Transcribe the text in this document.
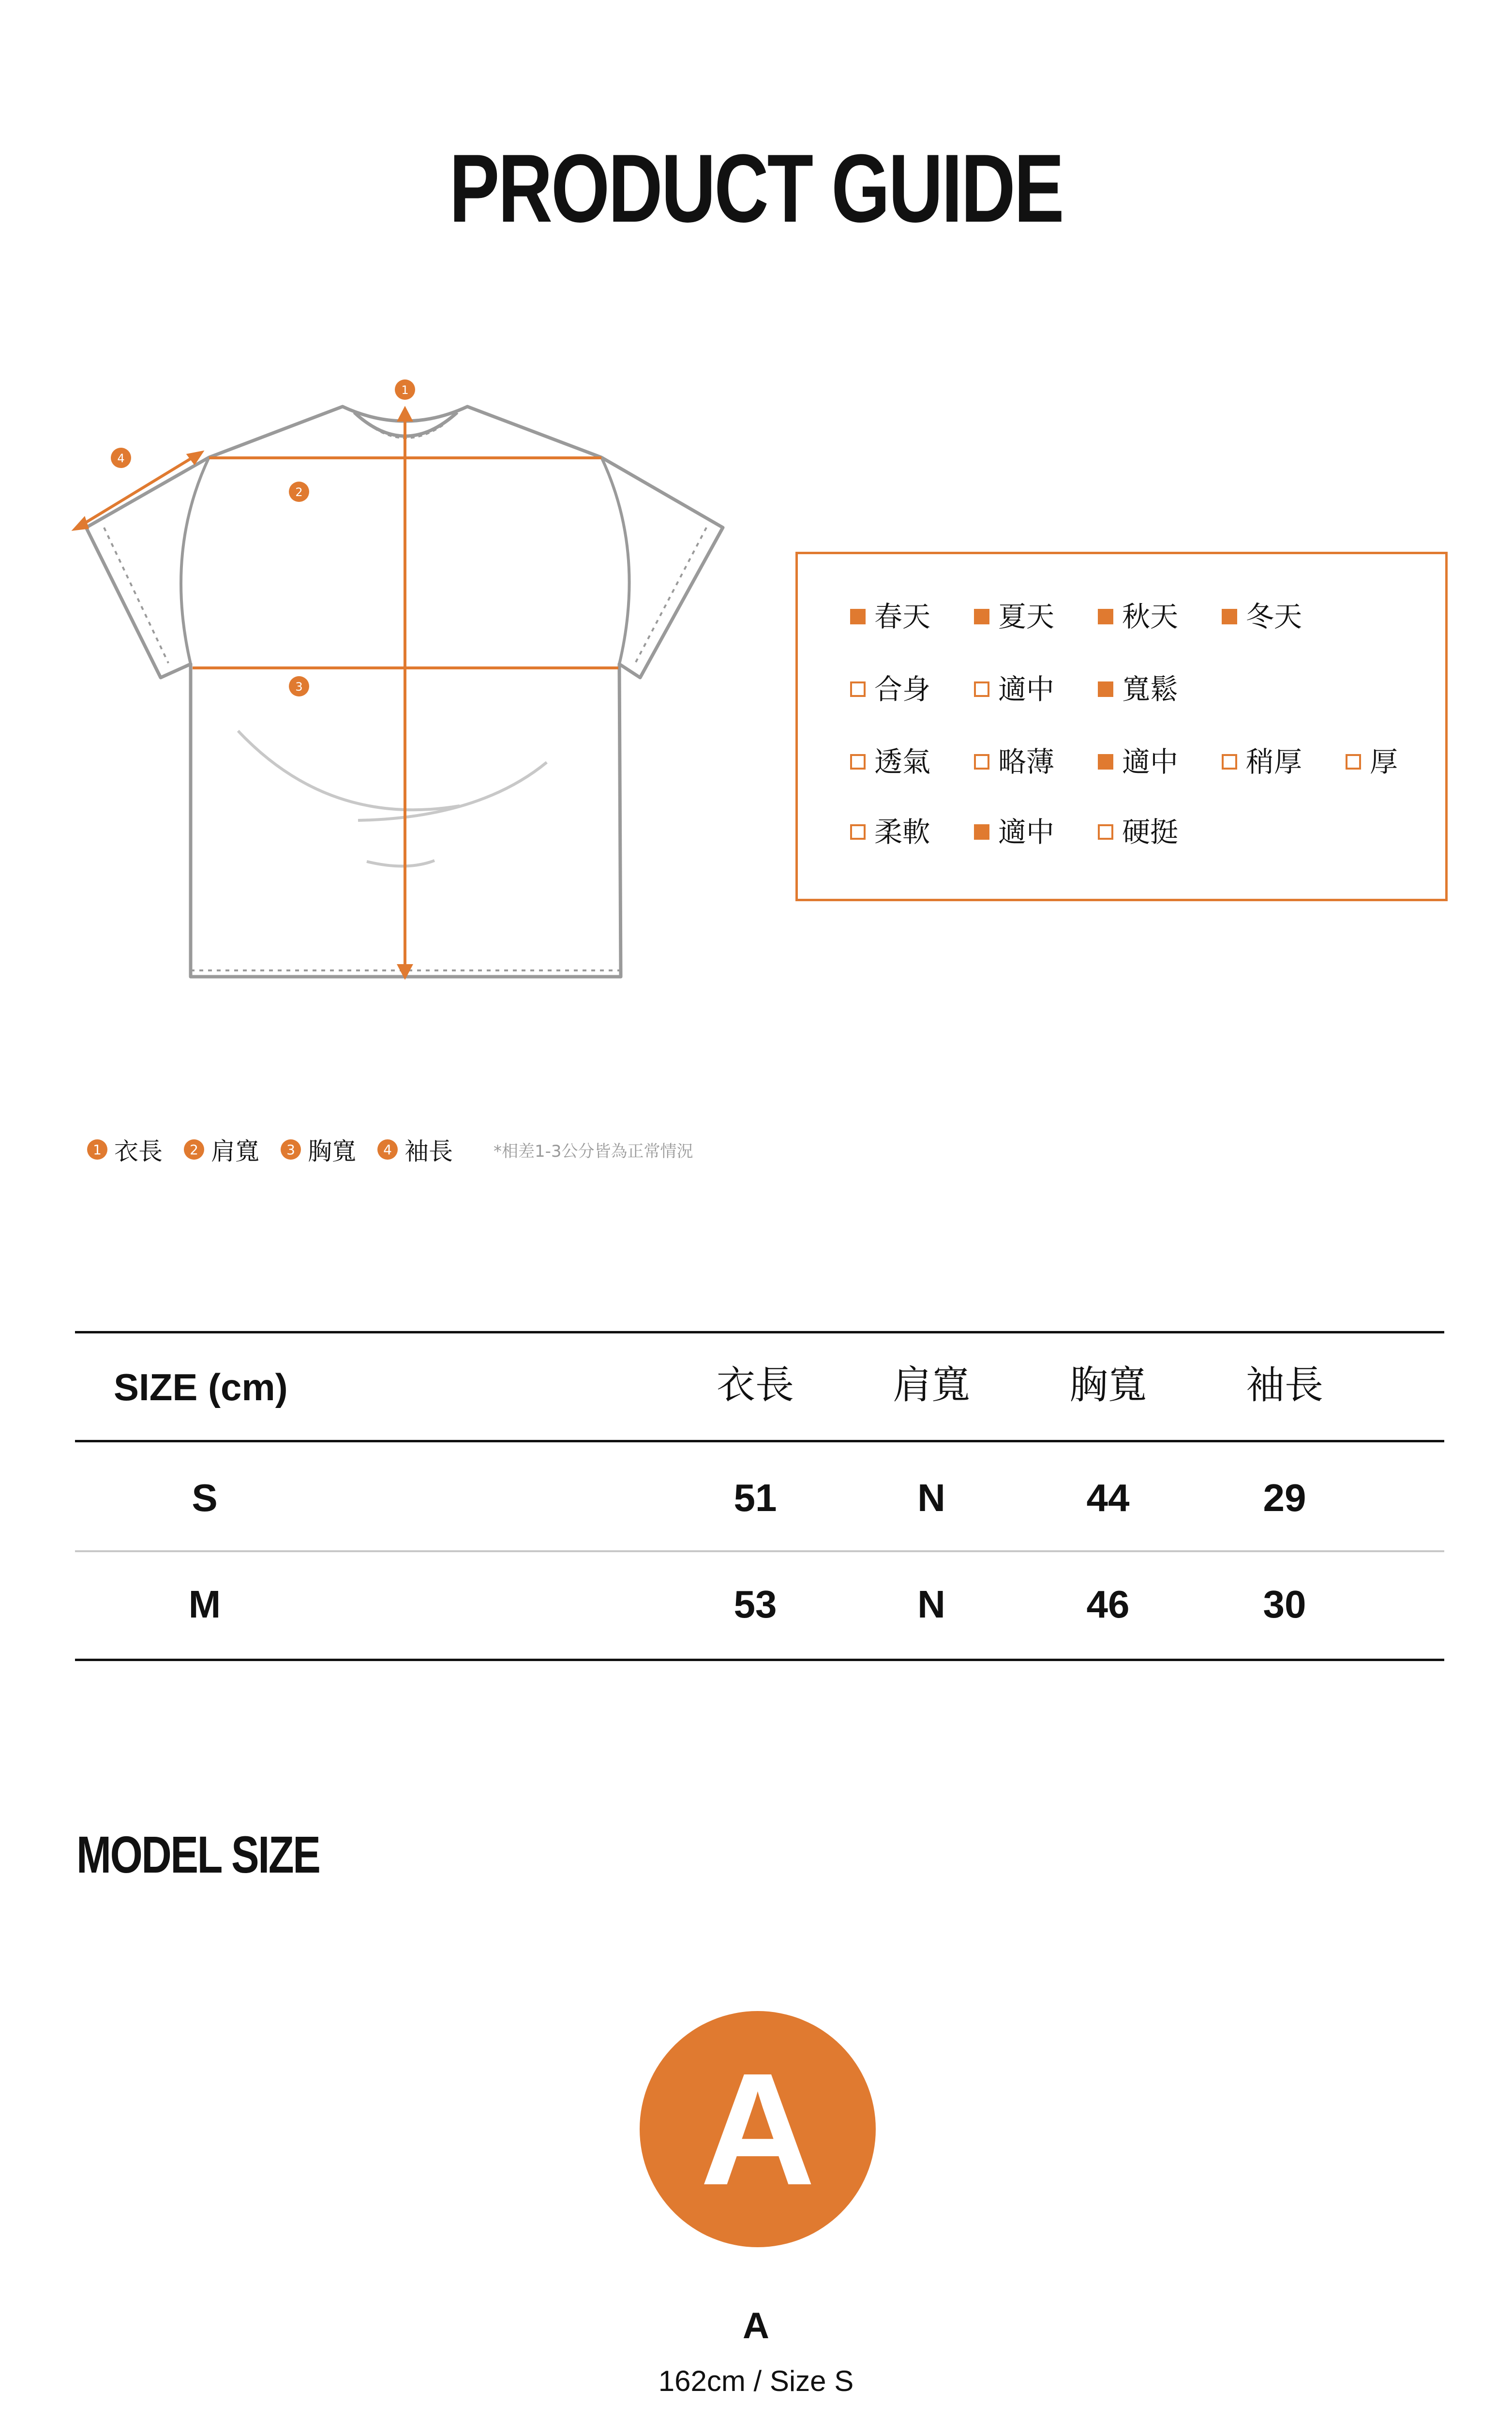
PRODUCT GUIDE
1
2
3
4
春天 夏天 秋天 冬天
合身 適中 寬鬆
透氣 略薄 適中 稍厚 厚
柔軟 適中 硬挺
1 衣長	2 肩寬	3 胸寬	4 袖長 *相差1-3公分皆為正常情況
SIZE (cm)	衣長	肩寬	胸寬	袖長
S	51	N	44	29
M	53	N	46	30
MODEL SIZE
A
A
162cm / Size S
